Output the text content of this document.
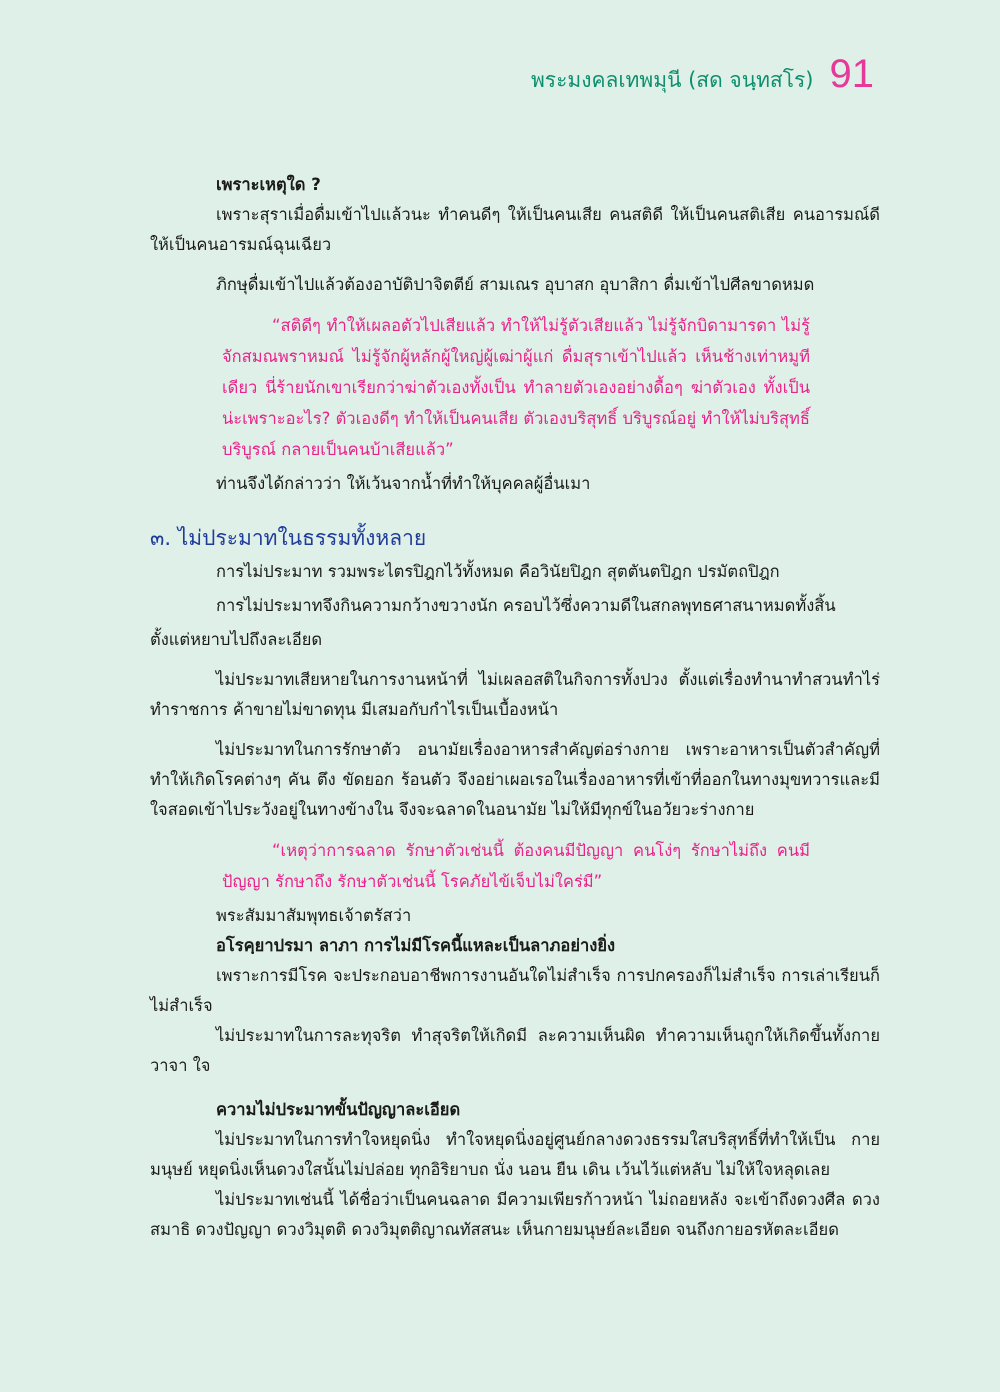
พระมงคลเทพมุนี (สด จนฺทสโร) 91

เพราะเหตุใด ?

เพราะสุราเมื่อดื่มเข้าไปแล้วนะ ทำคนดีๆ ให้เป็นคนเสีย คนสติดี ให้เป็นคนสติเสีย คนอารมณ์ดี ให้เป็นคนอารมณ์ฉุนเฉียว

ภิกษุดื่มเข้าไปแล้วต้องอาบัติปาจิตตีย์ สามเณร อุบาสก อุบาสิกา ดื่มเข้าไปศีลขาดหมด

“สติดีๆ ทำให้เผลอตัวไปเสียแล้ว ทำให้ไม่รู้ตัวเสียแล้ว ไม่รู้จักบิดามารดา ไม่รู้จักสมณพราหมณ์ ไม่รู้จักผู้หลักผู้ใหญ่ผู้เฒ่าผู้แก่ ดื่มสุราเข้าไปแล้ว เห็นช้างเท่าหมูทีเดียว นี่ร้ายนักเขาเรียกว่าฆ่าตัวเองทั้งเป็น ทำลายตัวเองอย่างดื้อๆ ฆ่าตัวเอง ทั้งเป็นน่ะเพราะอะไร? ตัวเองดีๆ ทำให้เป็นคนเสีย ตัวเองบริสุทธิ์ บริบูรณ์อยู่ ทำให้ไม่บริสุทธิ์บริบูรณ์ กลายเป็นคนบ้าเสียแล้ว”

ท่านจึงได้กล่าวว่า ให้เว้นจากน้ำที่ทำให้บุคคลผู้อื่นเมา

๓. ไม่ประมาทในธรรมทั้งหลาย

การไม่ประมาท รวมพระไตรปิฎกไว้ทั้งหมด คือวินัยปิฎก สุตตันตปิฎก ปรมัตถปิฎก

การไม่ประมาทจึงกินความกว้างขวางนัก ครอบไว้ซึ่งความดีในสกลพุทธศาสนาหมดทั้งสิ้น

ตั้งแต่หยาบไปถึงละเอียด

ไม่ประมาทเสียหายในการงานหน้าที่ ไม่เผลอสติในกิจการทั้งปวง ตั้งแต่เรื่องทำนาทำสวนทำไร่ ทำราชการ ค้าขายไม่ขาดทุน มีเสมอกับกำไรเป็นเบื้องหน้า

ไม่ประมาทในการรักษาตัว อนามัยเรื่องอาหารสำคัญต่อร่างกาย เพราะอาหารเป็นตัวสำคัญที่ทำให้เกิดโรคต่างๆ คัน ตึง ขัดยอก ร้อนตัว จึงอย่าเผอเรอในเรื่องอาหารที่เข้าที่ออกในทางมุขทวารและมีใจสอดเข้าไประวังอยู่ในทางข้างใน จึงจะฉลาดในอนามัย ไม่ให้มีทุกข์ในอวัยวะร่างกาย

“เหตุว่าการฉลาด รักษาตัวเช่นนี้ ต้องคนมีปัญญา คนโง่ๆ รักษาไม่ถึง คนมีปัญญา รักษาถึง รักษาตัวเช่นนี้ โรคภัยไข้เจ็บไม่ใคร่มี”

พระสัมมาสัมพุทธเจ้าตรัสว่า

อโรคฺยาปรมา ลาภา การไม่มีโรคนี้แหละเป็นลาภอย่างยิ่ง

เพราะการมีโรค จะประกอบอาชีพการงานอันใดไม่สำเร็จ การปกครองก็ไม่สำเร็จ การเล่าเรียนก็ไม่สำเร็จ

ไม่ประมาทในการละทุจริต ทำสุจริตให้เกิดมี ละความเห็นผิด ทำความเห็นถูกให้เกิดขึ้นทั้งกาย วาจา ใจ

ความไม่ประมาทขั้นปัญญาละเอียด

ไม่ประมาทในการทำใจหยุดนิ่ง ทำใจหยุดนิ่งอยู่ศูนย์กลางดวงธรรมใสบริสุทธิ์ที่ทำให้เป็น กายมนุษย์ หยุดนิ่งเห็นดวงใสนั้นไม่ปล่อย ทุกอิริยาบถ นั่ง นอน ยืน เดิน เว้นไว้แต่หลับ ไม่ให้ใจหลุดเลย

ไม่ประมาทเช่นนี้ ได้ชื่อว่าเป็นคนฉลาด มีความเพียรก้าวหน้า ไม่ถอยหลัง จะเข้าถึงดวงศีล ดวงสมาธิ ดวงปัญญา ดวงวิมุตติ ดวงวิมุตติญาณทัสสนะ เห็นกายมนุษย์ละเอียด จนถึงกายอรหัตละเอียด
